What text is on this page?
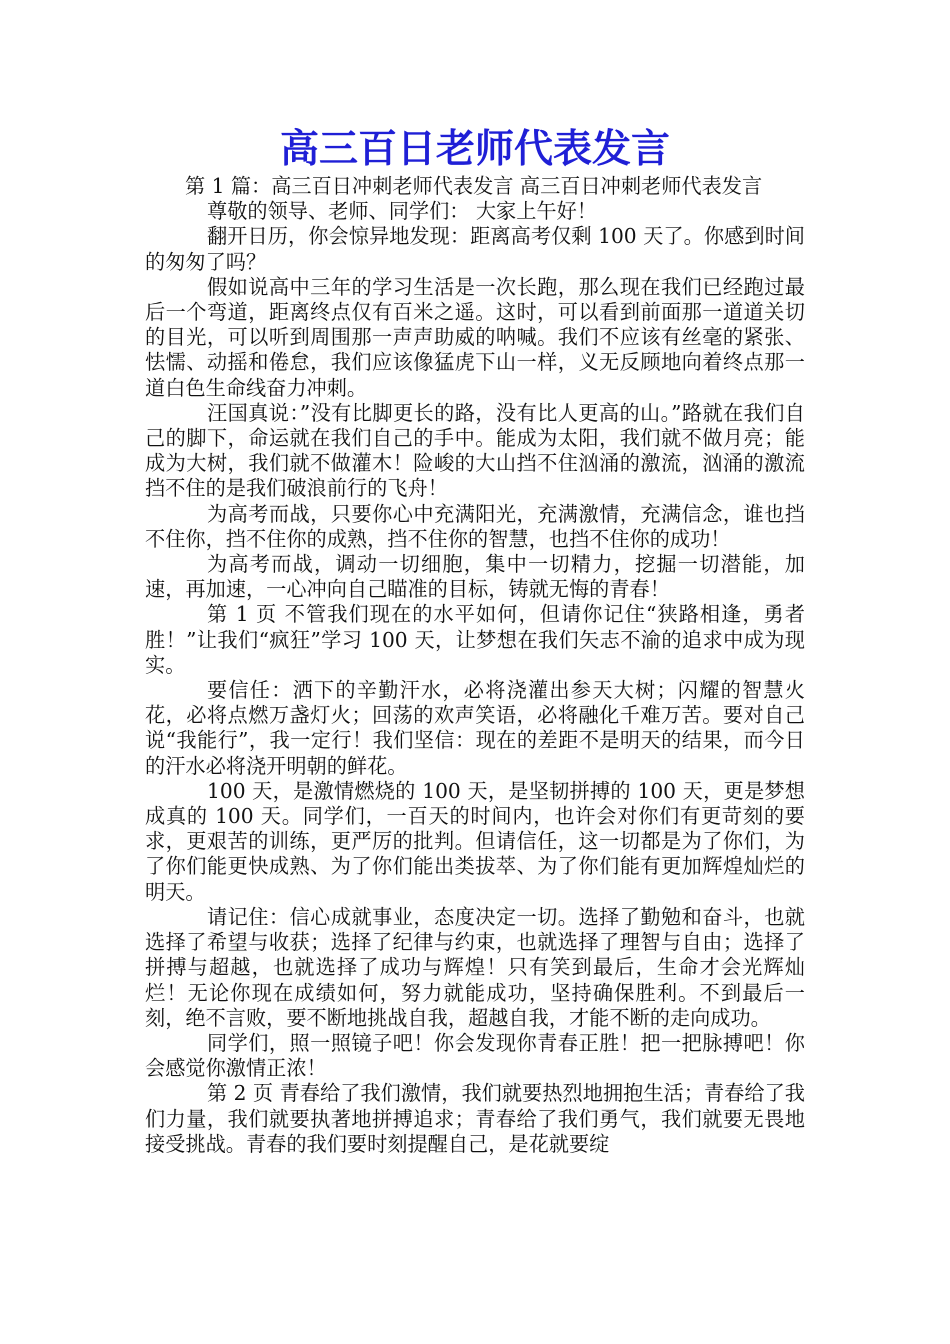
高三百日老师代表发言

第 1 篇：高三百日冲刺老师代表发言 高三百日冲刺老师代表发言

尊敬的领导、老师、同学们： 大家上午好！

翻开日历，你会惊异地发现：距离高考仅剩 100 天了。你感到时间的匆匆了吗？

假如说高中三年的学习生活是一次长跑，那么现在我们已经跑过最后一个弯道，距离终点仅有百米之遥。这时，可以看到前面那一道道关切的目光，可以听到周围那一声声助威的呐喊。我们不应该有丝毫的紧张、怯懦、动摇和倦怠，我们应该像猛虎下山一样，义无反顾地向着终点那一道白色生命线奋力冲刺。

汪国真说：”没有比脚更长的路，没有比人更高的山。”路就在我们自己的脚下，命运就在我们自己的手中。能成为太阳，我们就不做月亮；能成为大树，我们就不做灌木！险峻的大山挡不住汹涌的激流，汹涌的激流挡不住的是我们破浪前行的飞舟！

为高考而战，只要你心中充满阳光，充满激情，充满信念，谁也挡不住你，挡不住你的成熟，挡不住你的智慧，也挡不住你的成功！

为高考而战，调动一切细胞，集中一切精力，挖掘一切潜能，加速，再加速，一心冲向自己瞄准的目标，铸就无悔的青春！

第 1 页 不管我们现在的水平如何，但请你记住“狭路相逢，勇者胜！”让我们“疯狂”学习 100 天，让梦想在我们矢志不渝的追求中成为现实。

要信任：洒下的辛勤汗水，必将浇灌出参天大树；闪耀的智慧火花，必将点燃万盏灯火；回荡的欢声笑语，必将融化千难万苦。要对自己说“我能行”，我一定行！我们坚信：现在的差距不是明天的结果，而今日的汗水必将浇开明朝的鲜花。

100 天，是激情燃烧的 100 天，是坚韧拼搏的 100 天，更是梦想成真的 100 天。同学们，一百天的时间内，也许会对你们有更苛刻的要求，更艰苦的训练，更严厉的批判。但请信任，这一切都是为了你们，为了你们能更快成熟、为了你们能出类拔萃、为了你们能有更加辉煌灿烂的明天。

请记住：信心成就事业，态度决定一切。选择了勤勉和奋斗，也就选择了希望与收获；选择了纪律与约束，也就选择了理智与自由；选择了拼搏与超越，也就选择了成功与辉煌！只有笑到最后，生命才会光辉灿烂！无论你现在成绩如何，努力就能成功，坚持确保胜利。不到最后一刻，绝不言败，要不断地挑战自我，超越自我，才能不断的走向成功。

同学们，照一照镜子吧！你会发现你青春正胜！把一把脉搏吧！你会感觉你激情正浓！

第 2 页 青春给了我们激情，我们就要热烈地拥抱生活；青春给了我们力量，我们就要执著地拼搏追求；青春给了我们勇气，我们就要无畏地接受挑战。青春的我们要时刻提醒自己，是花就要绽
